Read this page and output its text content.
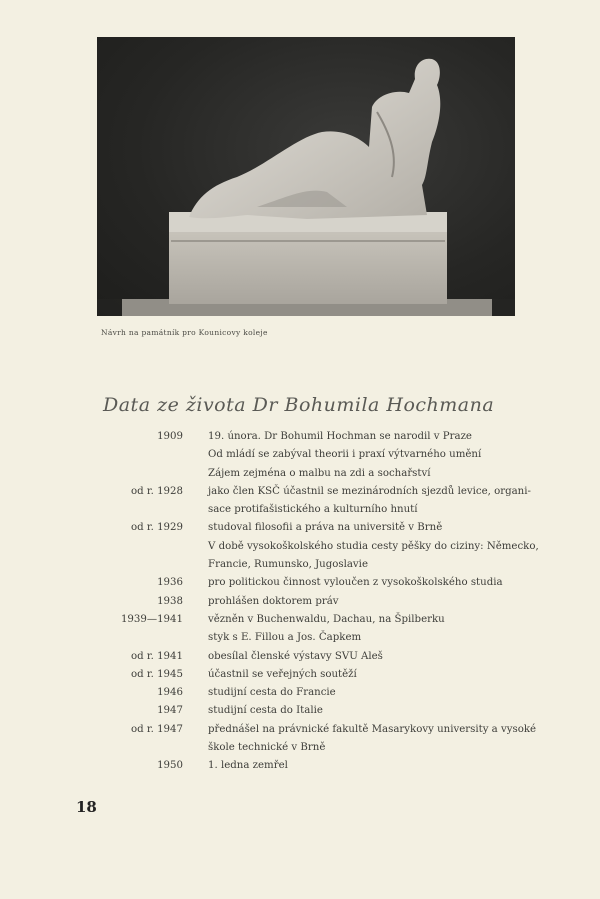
Návrh na památník pro Kounicovy koleje
Data ze života Dr Bohumila Hochmana
1909 19. února. Dr Bohumil Hochman se narodil v Praze
Od mládí se zabýval theorii i praxí výtvarného umění
Zájem zejména o malbu na zdi a sochařství
od r. 1928 jako člen KSČ účastnil se mezinárodních sjezdů levice, organi-
sace protifašistického a kulturního hnutí
od r. 1929 studoval filosofii a práva na universitě v Brně
V době vysokoškolského studia cesty pěšky do ciziny: Německo,
Francie, Rumunsko, Jugoslavie
1936 pro politickou činnost vyloučen z vysokoškolského studia
1938 prohlášen doktorem práv
1939—1941 vězněn v Buchenwaldu, Dachau, na Špilberku
styk s E. Fillou a Jos. Čapkem
od r. 1941 obesílal členské výstavy SVU Aleš
od r. 1945 účastnil se veřejných soutěží
1946 studijní cesta do Francie
1947 studijní cesta do Italie
od r. 1947 přednášel na právnické fakultě Masarykovy university a vysoké
škole technické v Brně
1950 1. ledna zemřel
18
